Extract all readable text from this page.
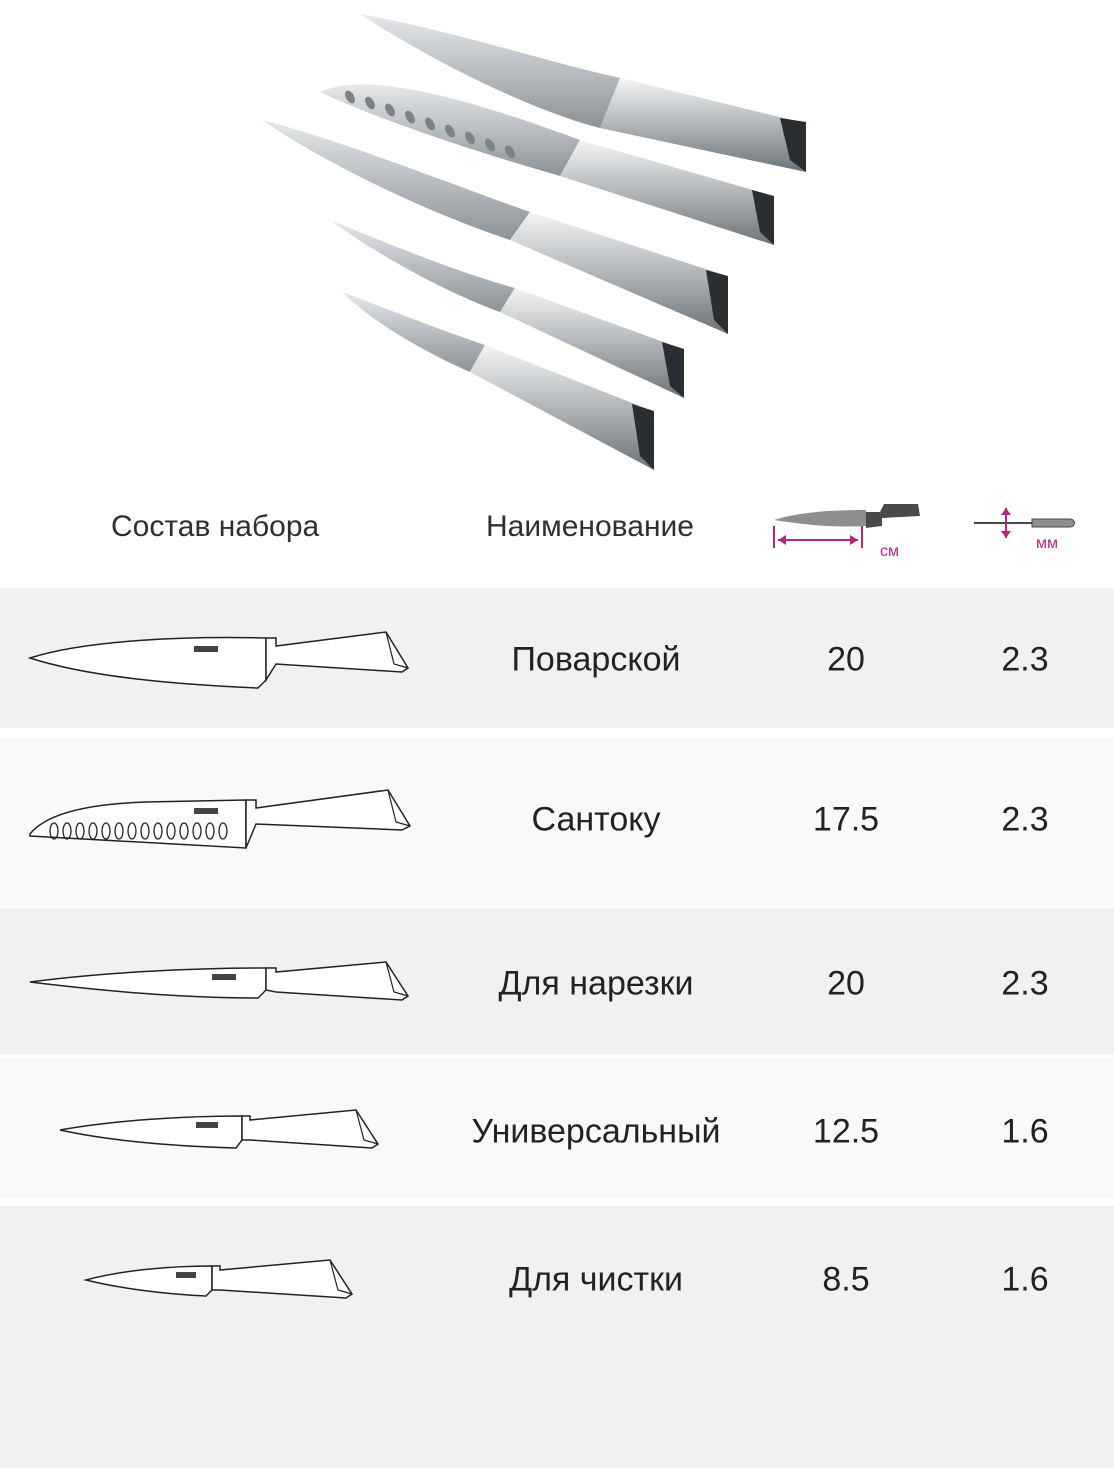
Состав набора	Наименование
см	мм
Поварской	20	2.3
Сантоку	17.5	2.3
Для нарезки	20	2.3
Универсальный	12.5	1.6
Для чистки	8.5	1.6
